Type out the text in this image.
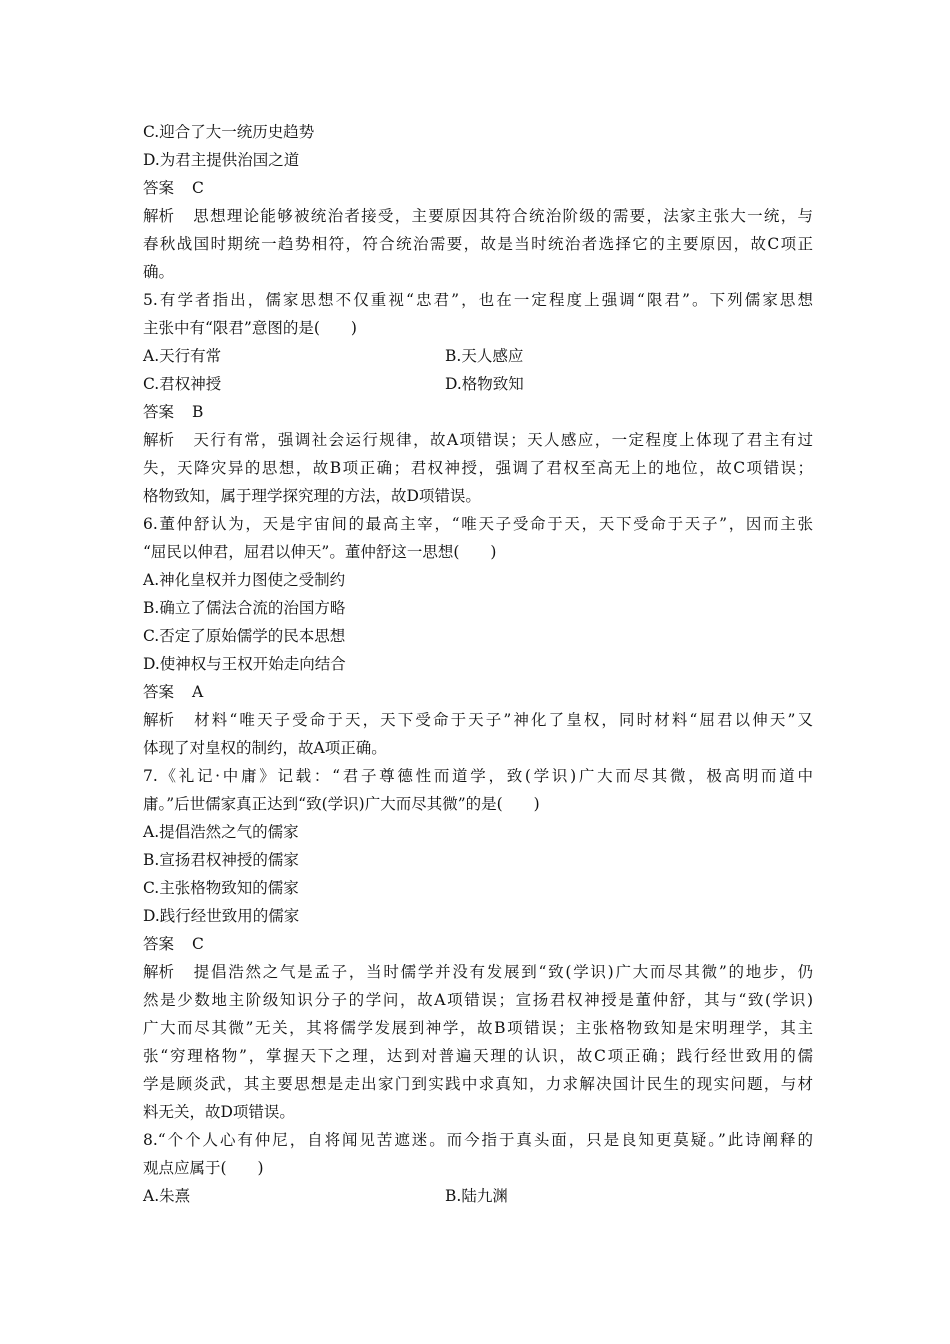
C.迎合了大一统历史趋势
D.为君主提供治国之道
答案 C
解析 思想理论能够被统治者接受，主要原因其符合统治阶级的需要，法家主张大一统，与
春秋战国时期统一趋势相符，符合统治需要，故是当时统治者选择它的主要原因，故C项正
确。
5.有学者指出，儒家思想不仅重视“忠君”，也在一定程度上强调“限君”。下列儒家思想
主张中有“限君”意图的是(　　)
A.天行有常	B.天人感应
C.君权神授	D.格物致知
答案 B
解析 天行有常，强调社会运行规律，故A项错误；天人感应，一定程度上体现了君主有过
失，天降灾异的思想，故B项正确；君权神授，强调了君权至高无上的地位，故C项错误；
格物致知，属于理学探究理的方法，故D项错误。
6.董仲舒认为，天是宇宙间的最高主宰，“唯天子受命于天，天下受命于天子”，因而主张
“屈民以伸君，屈君以伸天”。董仲舒这一思想(　　)
A.神化皇权并力图使之受制约
B.确立了儒法合流的治国方略
C.否定了原始儒学的民本思想
D.使神权与王权开始走向结合
答案 A
解析 材料“唯天子受命于天，天下受命于天子”神化了皇权，同时材料“屈君以伸天”又
体现了对皇权的制约，故A项正确。
7.《礼记·中庸》记载：“君子尊德性而道学，致(学识)广大而尽其微，极高明而道中
庸。”后世儒家真正达到“致(学识)广大而尽其微”的是(　　)
A.提倡浩然之气的儒家
B.宣扬君权神授的儒家
C.主张格物致知的儒家
D.践行经世致用的儒家
答案 C
解析 提倡浩然之气是孟子，当时儒学并没有发展到“致(学识)广大而尽其微”的地步，仍
然是少数地主阶级知识分子的学问，故A项错误；宣扬君权神授是董仲舒，其与“致(学识)
广大而尽其微”无关，其将儒学发展到神学，故B项错误；主张格物致知是宋明理学，其主
张“穷理格物”，掌握天下之理，达到对普遍天理的认识，故C项正确；践行经世致用的儒
学是顾炎武，其主要思想是走出家门到实践中求真知，力求解决国计民生的现实问题，与材
料无关，故D项错误。
8.“个个人心有仲尼，自将闻见苦遮迷。而今指于真头面，只是良知更莫疑。”此诗阐释的
观点应属于(　　)
A.朱熹	B.陆九渊
